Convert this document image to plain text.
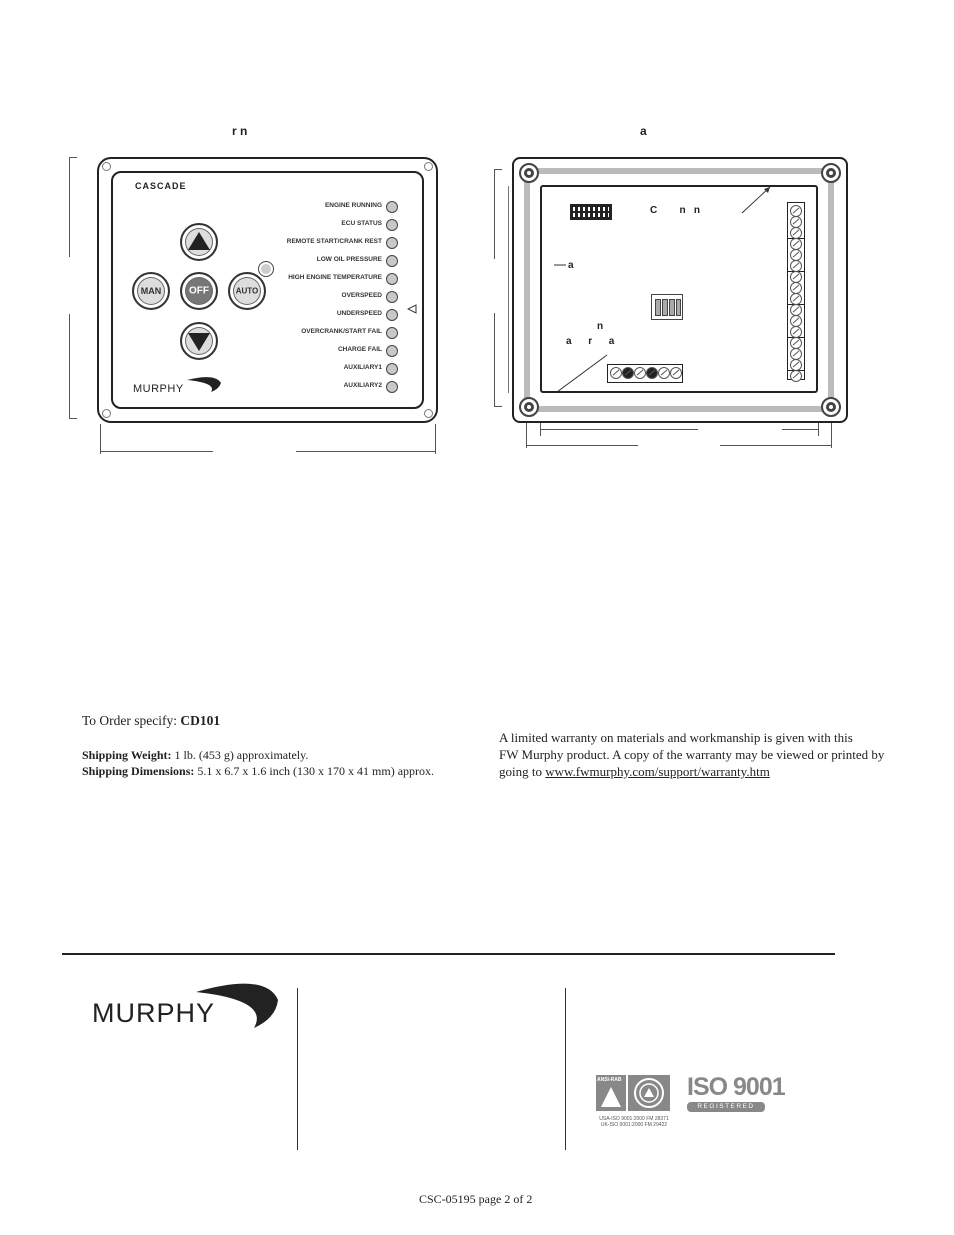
r n
CASCADE
MAN	OFF	AUTO
MURPHY
ENGINE RUNNING
ECU STATUS
REMOTE START/CRANK REST
LOW OIL PRESSURE
HIGH ENGINE TEMPERATURE
OVERSPEED
UNDERSPEED
OVERCRANK/START FAIL
CHARGE FAIL
AUXILIARY1
AUXILIARY2
a
C        n   n
a
n
a      r      a
To Order specify: CD101
Shipping Weight: 1 lb. (453 g) approximately.
Shipping Dimensions: 5.1 x 6.7 x 1.6 inch (130 x 170 x 41 mm) approx.
A limited warranty on materials and workmanship is given with this
FW Murphy product. A copy of the warranty may be viewed or printed by
going to www.fwmurphy.com/support/warranty.htm
MURPHY
ANSI-RAB
USA-ISO 9001:2000 FM 28371
UK-ISO 9001:2000 FM 29422
ISO 9001
REGISTERED
CSC-05195 page 2 of 2
